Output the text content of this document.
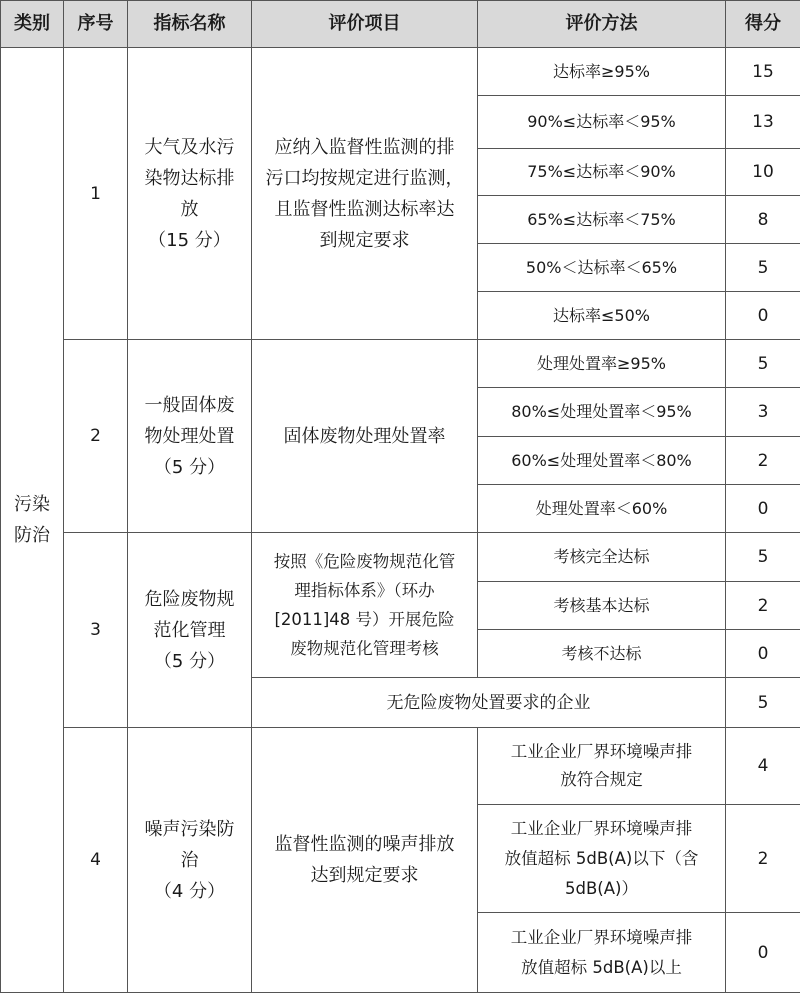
类别	序号	指标名称	评价项目	评价方法	得分

污染防治	1	大气及水污
染物达标排
放
（15 分）	应纳入监督性监测的排
污口均按规定进行监测，
且监督性监测达标率达
到规定要求	达标率≥95%	15
				90%≤达标率＜95%	13
				75%≤达标率＜90%	10
				65%≤达标率＜75%	8
				50%＜达标率＜65%	5
				达标率≤50%	0
	2	一般固体废
物处理处置
（5 分）	固体废物处理处置率	处理处置率≥95%	5
				80%≤处理处置率＜95%	3
				60%≤处理处置率＜80%	2
				处理处置率＜60%	0
	3	危险废物规
范化管理
（5 分）	按照《危险废物规范化管
理指标体系》（环办
[2011]48 号）开展危险
废物规范化管理考核	考核完全达标	5
				考核基本达标	2
				考核不达标	0
			无危险废物处置要求的企业		5
	4	噪声污染防
治
（4 分）	监督性监测的噪声排放
达到规定要求	工业企业厂界环境噪声排
放符合规定	4

				工业企业厂界环境噪声排
放值超标 5dB(A)以下（含
5dB(A)）	2

				工业企业厂界环境噪声排
放值超标 5dB(A)以上	0
